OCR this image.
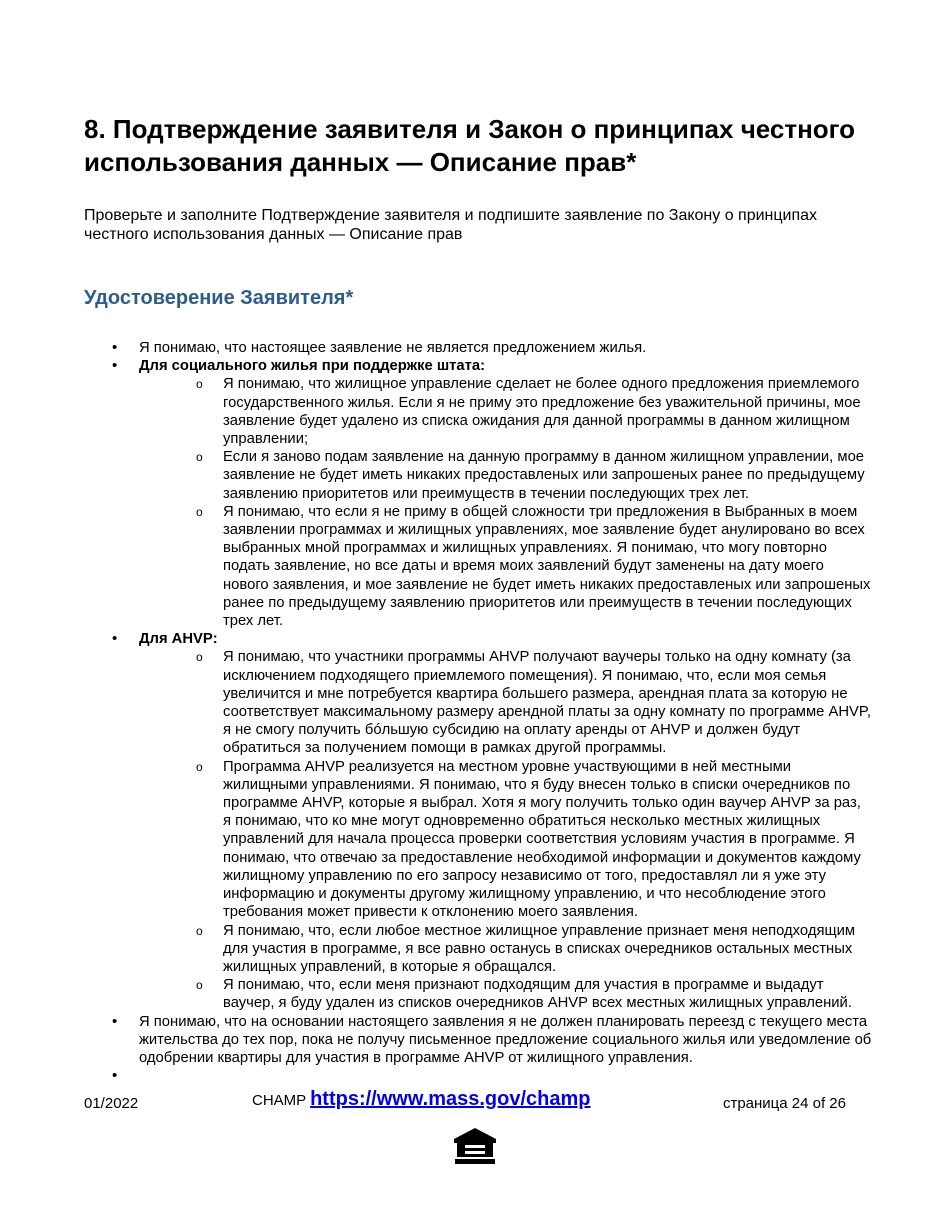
8. Подтверждение заявителя и Закон о принципах честного использования данных — Описание прав*
Проверьте и заполните Подтверждение заявителя и подпишите заявление по Закону о принципах честного использования данных — Описание прав
Удостоверение Заявителя*
• Я понимаю, что настоящее заявление не является предложением жилья.
• Для социального жилья при поддержке штата:
o Я понимаю, что жилищное управление сделает не более одного предложения приемлемого государственного жилья. Если я не приму это предложение без уважительной причины, мое заявление будет удалено из списка ожидания для данной программы в данном жилищном управлении;
o Если я заново подам заявление на данную программу в данном жилищном управлении, мое заявление не будет иметь никаких предоставленых или запрошеных ранее по предыдущему заявлению приоритетов или преимуществ в течении последующих трех лет.
o Я понимаю, что если я не приму в общей сложности три предложения в Выбранных в моем заявлении программах и жилищных управлениях, мое заявление будет анулировано во всех выбранных мной программах и жилищных управлениях. Я понимаю, что могу повторно подать заявление, но все даты и время моих заявлений будут заменены на дату моего нового заявления, и мое заявление не будет иметь никаких предоставленых или запрошеных ранее по предыдущему заявлению приоритетов или преимуществ в течении последующих трех лет.
• Для AHVP:
o Я понимаю, что участники программы AHVP получают ваучеры только на одну комнату (за исключением подходящего приемлемого помещения). Я понимаю, что, если моя семья увеличится и мне потребуется квартира большего размера, арендная плата за которую не соответствует максимальному размеру арендной платы за одну комнату по программе AHVP, я не смогу получить бóльшую субсидию на оплату аренды от AHVP и должен будут обратиться за получением помощи в рамках другой программы.
o Программа AHVP реализуется на местном уровне участвующими в ней местными жилищными управлениями. Я понимаю, что я буду внесен только в списки очередников по программе AHVP, которые я выбрал. Хотя я могу получить только один ваучер AHVP за раз, я понимаю, что ко мне могут одновременно обратиться несколько местных жилищных управлений для начала процесса проверки соответствия условиям участия в программе. Я понимаю, что отвечаю за предоставление необходимой информации и документов каждому жилищному управлению по его запросу независимо от того, предоставлял ли я уже эту информацию и документы другому жилищному управлению, и что несоблюдение этого требования может привести к отклонению моего заявления.
o Я понимаю, что, если любое местное жилищное управление признает меня неподходящим для участия в программе, я все равно останусь в списках очередников остальных местных жилищных управлений, в которые я обращался.
o Я понимаю, что, если меня признают подходящим для участия в программе и выдадут ваучер, я буду удален из списков очередников AHVP всех местных жилищных управлений.
• Я понимаю, что на основании настоящего заявления я не должен планировать переезд с текущего места жительства до тех пор, пока не получу письменное предложение социального жилья или уведомление об одобрении квартиры для участия в программе AHVP от жилищного управления.
•
01/2022	CHAMP https://www.mass.gov/champ	страница 24 of 26
